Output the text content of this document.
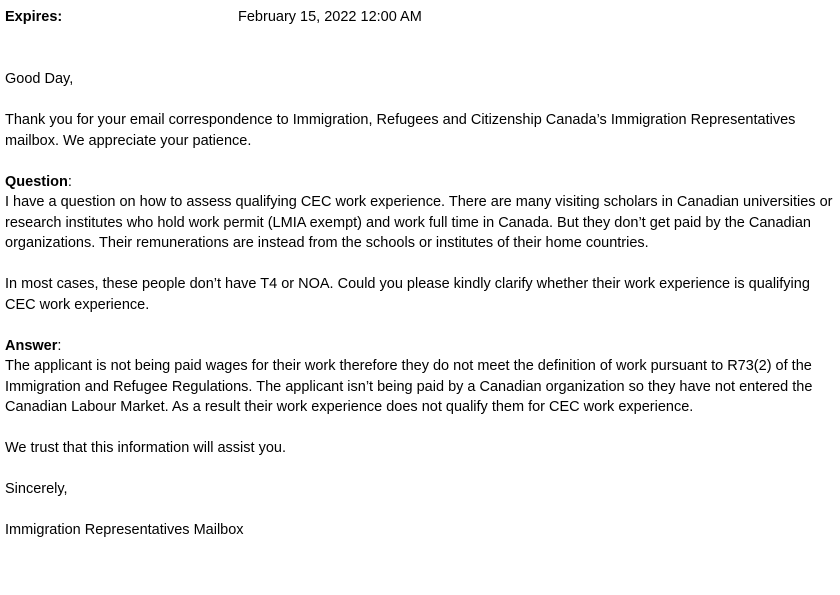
Expires:	February 15, 2022 12:00 AM

Good Day,

Thank you for your email correspondence to Immigration, Refugees and Citizenship Canada’s Immigration Representatives mailbox. We appreciate your patience.

Question:

I have a question on how to assess qualifying CEC work experience. There are many visiting scholars in Canadian universities or research institutes who hold work permit (LMIA exempt) and work full time in Canada. But they don’t get paid by the Canadian organizations. Their remunerations are instead from the schools or institutes of their home countries.

In most cases, these people don’t have T4 or NOA. Could you please kindly clarify whether their work experience is qualifying CEC work experience.

Answer:

The applicant is not being paid wages for their work therefore they do not meet the definition of work pursuant to R73(2) of the Immigration and Refugee Regulations. The applicant isn’t being paid by a Canadian organization so they have not entered the Canadian Labour Market. As a result their work experience does not qualify them for CEC work experience.

We trust that this information will assist you.

Sincerely,

Immigration Representatives Mailbox
